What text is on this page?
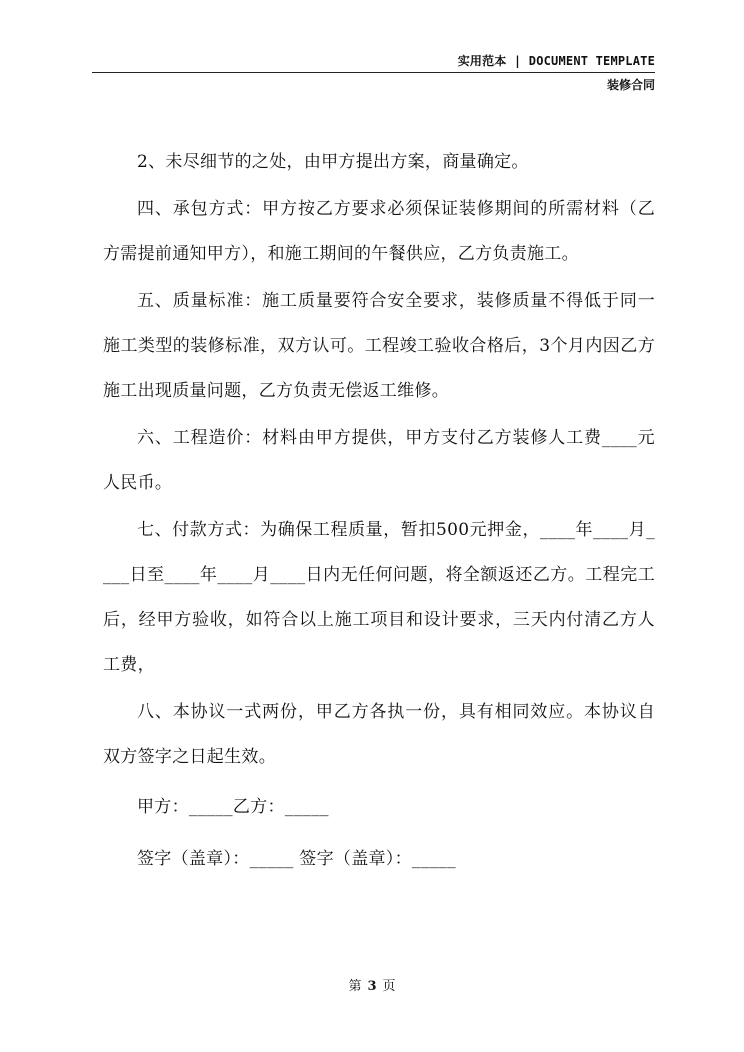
实用范本 | DOCUMENT TEMPLATE
装修合同

2、未尽细节的之处，由甲方提出方案，商量确定。

四、承包方式：甲方按乙方要求必须保证装修期间的所需材料（乙方需提前通知甲方），和施工期间的午餐供应，乙方负责施工。

五、质量标准：施工质量要符合安全要求，装修质量不得低于同一施工类型的装修标准，双方认可。工程竣工验收合格后，3个月内因乙方施工出现质量问题，乙方负责无偿返工维修。

六、工程造价：材料由甲方提供，甲方支付乙方装修人工费____元人民币。

七、付款方式：为确保工程质量，暂扣500元押金，____年____月____日至____年____月____日内无任何问题，将全额返还乙方。工程完工后，经甲方验收，如符合以上施工项目和设计要求，三天内付清乙方人工费，

八、本协议一式两份，甲乙方各执一份，具有相同效应。本协议自双方签字之日起生效。

甲方：_____乙方：_____

签字（盖章）：_____ 签字（盖章）：_____

第 3 页
